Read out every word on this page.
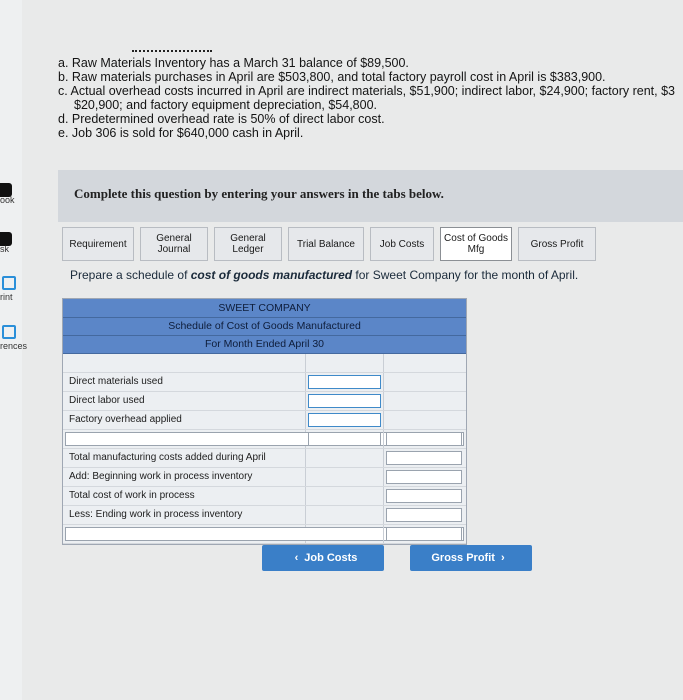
ook
sk
rint
rences
a. Raw Materials Inventory has a March 31 balance of $89,500.
b. Raw materials purchases in April are $503,800, and total factory payroll cost in April is $383,900.
c. Actual overhead costs incurred in April are indirect materials, $51,900; indirect labor, $24,900; factory rent, $3
$20,900; and factory equipment depreciation, $54,800.
d. Predetermined overhead rate is 50% of direct labor cost.
e. Job 306 is sold for $640,000 cash in April.
Complete this question by entering your answers in the tabs below.
Requirement	General Journal
General Ledger	Trial Balance	Job Costs	Cost of Goods Mfg	Gross Profit
Prepare a schedule of cost of goods manufactured for Sweet Company for the month of April.
SWEET COMPANY
Schedule of Cost of Goods Manufactured
For Month Ended April 30
Direct materials used
Direct labor used
Factory overhead applied
Total manufacturing costs added during April
Add: Beginning work in process inventory
Total cost of work in process
Less: Ending work in process inventory
‹ Job Costs	Gross Profit ›
